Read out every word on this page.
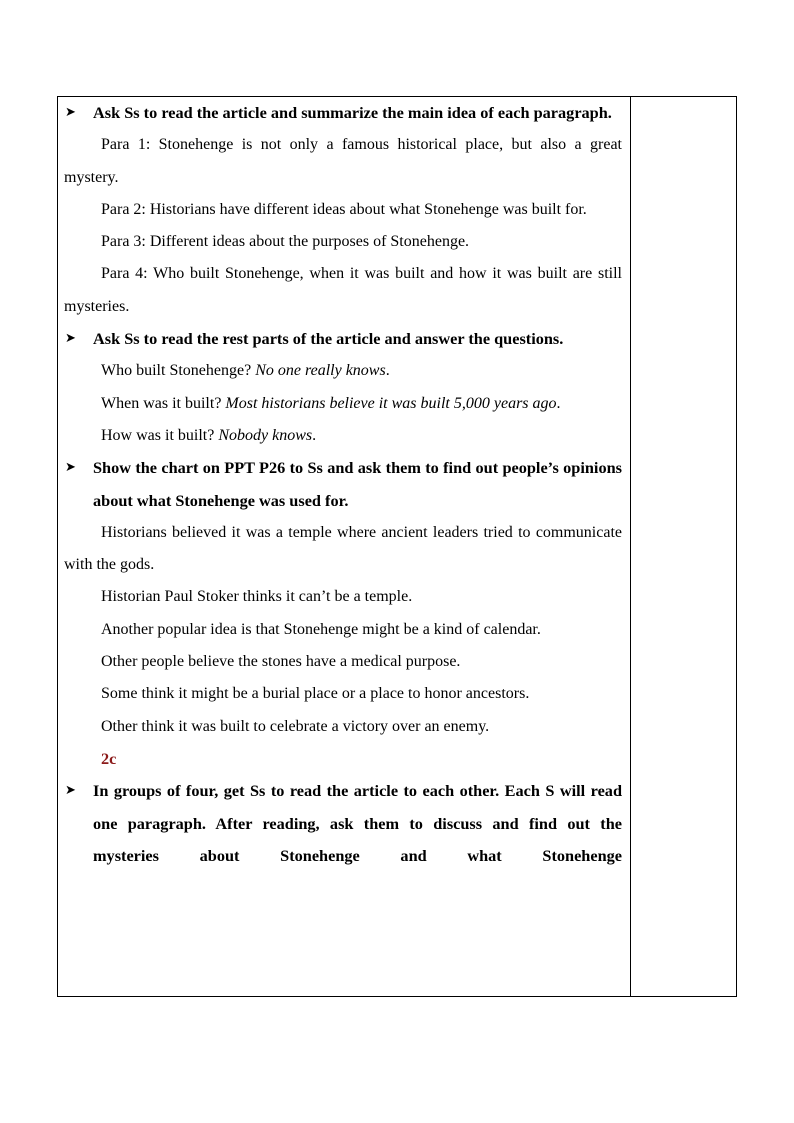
➤	Ask Ss to read the article and summarize the main idea of each paragraph.

Para 1: Stonehenge is not only a famous historical place, but also a great mystery.

Para 2: Historians have different ideas about what Stonehenge was built for.

Para 3: Different ideas about the purposes of Stonehenge.

Para 4: Who built Stonehenge, when it was built and how it was built are still mysteries.

➤	Ask Ss to read the rest parts of the article and answer the questions.

Who built Stonehenge? No one really knows.

When was it built? Most historians believe it was built 5,000 years ago.

How was it built? Nobody knows.

➤	Show the chart on PPT P26 to Ss and ask them to find out people’s opinions about what Stonehenge was used for.

Historians believed it was a temple where ancient leaders tried to communicate with the gods.

Historian Paul Stoker thinks it can’t be a temple.

Another popular idea is that Stonehenge might be a kind of calendar.

Other people believe the stones have a medical purpose.

Some think it might be a burial place or a place to honor ancestors.

Other think it was built to celebrate a victory over an enemy.

2c
➤	In groups of four, get Ss to read the article to each other. Each S will read one paragraph. After reading, ask them to discuss and find out the mysteries about Stonehenge and what Stonehenge
